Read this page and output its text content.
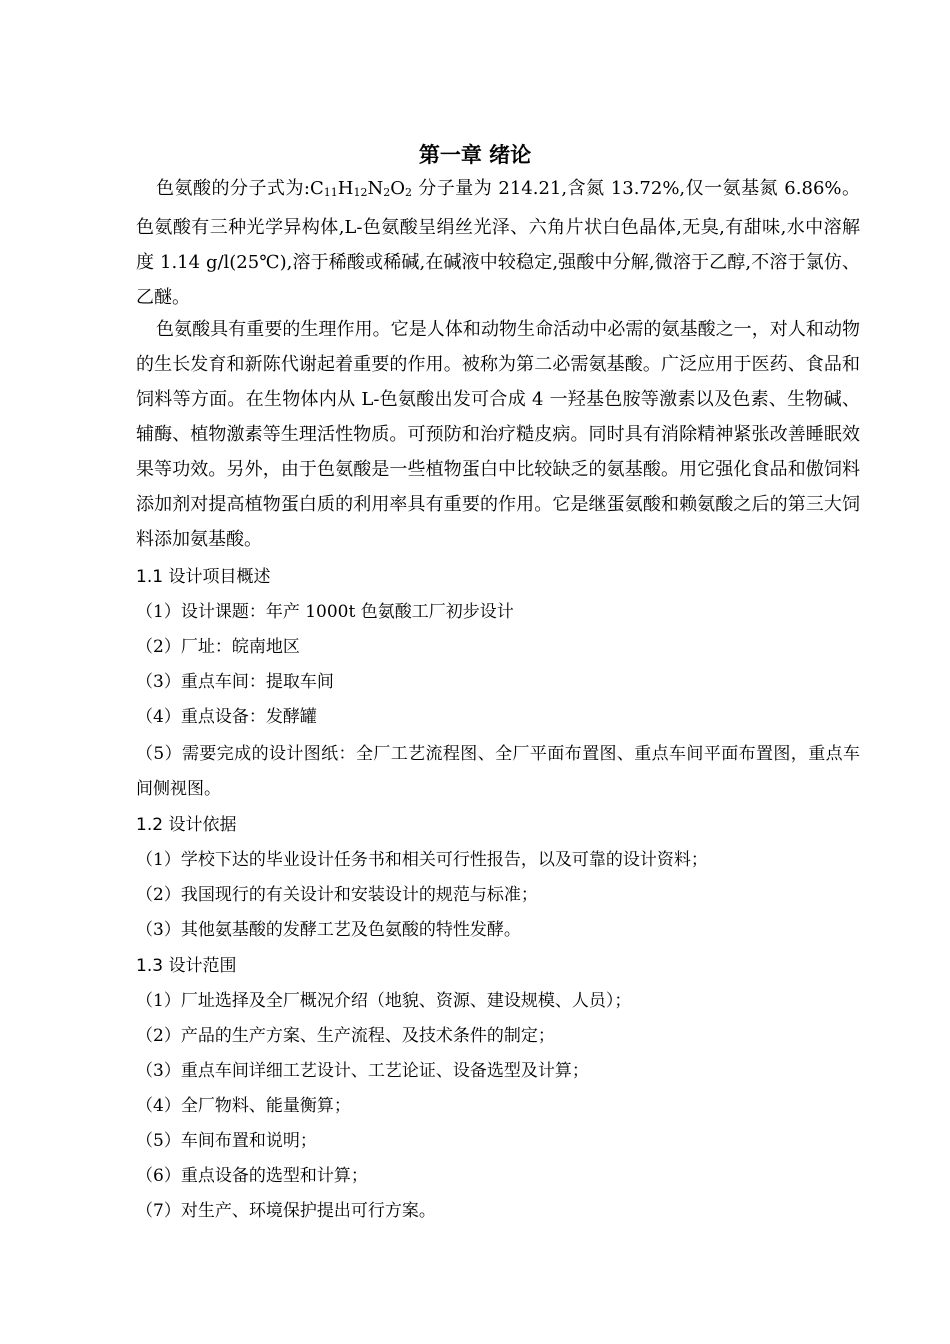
第一章 绪论
色氨酸的分子式为$:C_{11}H_{12}N_2O_2$ 分子量为 214.21,含氮 13.72%,仅一氨基氮 6.86%。色氨酸有三种光学异构体,L-色氨酸呈绢丝光泽、六角片状白色晶体,无臭,有甜味,水中溶解度 1.14 g/l(25℃),溶于稀酸或稀碱,在碱液中较稳定,强酸中分解,微溶于乙醇,不溶于氯仿、乙醚。
色氨酸具有重要的生理作用。它是人体和动物生命活动中必需的氨基酸之一，对人和动物的生长发育和新陈代谢起着重要的作用。被称为第二必需氨基酸。广泛应用于医药、食品和饲料等方面。在生物体内从 L-色氨酸出发可合成 4 一羟基色胺等激素以及色素、生物碱、辅酶、植物激素等生理活性物质。可预防和治疗糙皮病。同时具有消除精神紧张改善睡眠效果等功效。另外，由于色氨酸是一些植物蛋白中比较缺乏的氨基酸。用它强化食品和傲饲料添加剂对提高植物蛋白质的利用率具有重要的作用。它是继蛋氨酸和赖氨酸之后的第三大饲料添加氨基酸。
1.1 设计项目概述
（1）设计课题：年产 1000t 色氨酸工厂初步设计
（2）厂址：皖南地区
（3）重点车间：提取车间
（4）重点设备：发酵罐
（5）需要完成的设计图纸：全厂工艺流程图、全厂平面布置图、重点车间平面布置图，重点车间侧视图。
1.2 设计依据
（1）学校下达的毕业设计任务书和相关可行性报告，以及可靠的设计资料；
（2）我国现行的有关设计和安装设计的规范与标准；
（3）其他氨基酸的发酵工艺及色氨酸的特性发酵。
1.3 设计范围
（1）厂址选择及全厂概况介绍（地貌、资源、建设规模、人员）；
（2）产品的生产方案、生产流程、及技术条件的制定；
（3）重点车间详细工艺设计、工艺论证、设备选型及计算；
（4）全厂物料、能量衡算；
（5）车间布置和说明；
（6）重点设备的选型和计算；
（7）对生产、环境保护提出可行方案。
